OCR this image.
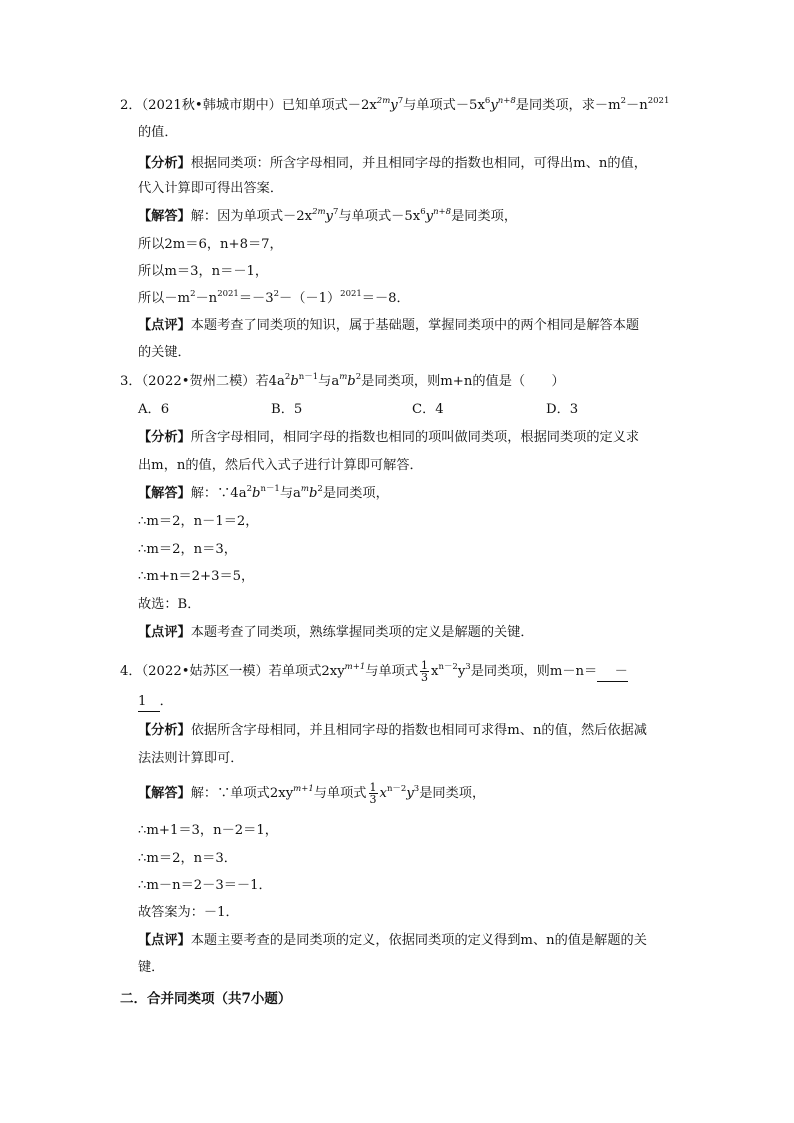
2．（2021秋•韩城市期中）已知单项式$-2x^{2m}y^7$与单项式$-5x^6y^{n+8}$是同类项，求$-m^2-n^{2021}$
的值．
【分析】根据同类项：所含字母相同，并且相同字母的指数也相同，可得出m、n的值，
代入计算即可得出答案．
【解答】解：因为单项式$-2x^{2m}y^7$与单项式$-5x^6y^{n+8}$是同类项，
所以2m＝6，n+8＝7，
所以m＝3，n＝－1，
所以$-m^2-n^{2021}=-3^2-(-1)^{2021}=-8$．
【点评】本题考查了同类项的知识，属于基础题，掌握同类项中的两个相同是解答本题
的关键．
3．（2022•贺州二模）若$4a^2b^{n-1}$与$a^mb^2$是同类项，则m+n的值是（　　）
A．6	B．5	C．4	D．3
【分析】所含字母相同，相同字母的指数也相同的项叫做同类项，根据同类项的定义求
出m，n的值，然后代入式子进行计算即可解答．
【解答】解：$\because 4a^2b^{n-1}$与$a^mb^2$是同类项，
∴m＝2，n－1＝2，
∴m＝2，n＝3，
∴m+n＝2+3＝5，
故选：B．
【点评】本题考查了同类项，熟练掌握同类项的定义是解题的关键．
4．（2022•姑苏区一模）若单项式$2xy^{m+1}$与单项式 $\frac{1}{3} x^{n-2}y^3$是同类项，则m－n＝　 －
1　．
【分析】依据所含字母相同，并且相同字母的指数也相同可求得m、n的值，然后依据减
法法则计算即可．
【解答】解：∵单项式$2xy^{m+1}$与单项式 $\frac{1}{3} x^{n-2}y^3$是同类项，
∴m+1＝3，n－2＝1，
∴m＝2，n＝3．
∴m－n＝2－3＝－1．
故答案为：－1．
【点评】本题主要考查的是同类项的定义，依据同类项的定义得到m、n的值是解题的关
键．
二．合并同类项（共7小题）
